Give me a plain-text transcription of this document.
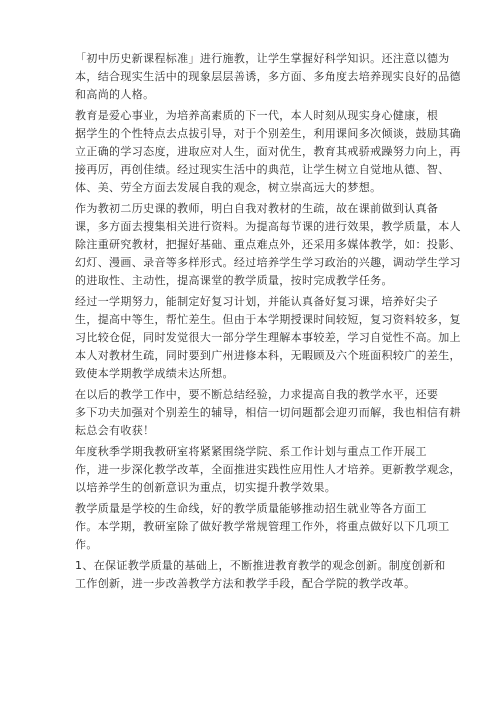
「初中历史新课程标准」进行施教，让学生掌握好科学知识。还注意以德为
本，结合现实生活中的现象层层善诱，多方面、多角度去培养现实良好的品德
和高尚的人格。
教育是爱心事业，为培养高素质的下一代，本人时刻从现实身心健康，根
据学生的个性特点去点拔引导，对于个别差生，利用课间多次倾谈，鼓励其确
立正确的学习态度，进取应对人生，面对优生，教育其戒骄戒躁努力向上，再
接再厉，再创佳绩。经过现实生活中的典范，让学生树立自觉地从德、智、
体、美、劳全方面去发展自我的观念，树立崇高远大的梦想。
作为教初二历史课的教师，明白自我对教材的生疏，故在课前做到认真备
课，多方面去搜集相关进行资料。为提高每节课的进行效果，教学质量，本人
除注重研究教材，把握好基础、重点难点外，还采用多媒体教学，如：投影、
幻灯、漫画、录音等多样形式。经过培养学生学习政治的兴趣，调动学生学习
的进取性、主动性，提高课堂的教学质量，按时完成教学任务。
经过一学期努力，能制定好复习计划，并能认真备好复习课，培养好尖子
生，提高中等生，帮忙差生。但由于本学期授课时间较短，复习资料较多，复
习比较仓促，同时发觉很大一部分学生理解本事较差，学习自觉性不高。加上
本人对教材生疏，同时要到广州进修本科，无暇顾及六个班面积较广的差生，
致使本学期教学成绩未达所想。
在以后的教学工作中，要不断总结经验，力求提高自我的教学水平，还要
多下功夫加强对个别差生的辅导，相信一切问题都会迎刃而解，我也相信有耕
耘总会有收获！
年度秋季学期我教研室将紧紧围绕学院、系工作计划与重点工作开展工
作，进一步深化教学改革，全面推进实践性应用性人才培养。更新教学观念，
以培养学生的创新意识为重点，切实提升教学效果。
教学质量是学校的生命线，好的教学质量能够推动招生就业等各方面工
作。本学期，教研室除了做好教学常规管理工作外，将重点做好以下几项工
作。
1、在保证教学质量的基础上，不断推进教育教学的观念创新。制度创新和
工作创新，进一步改善教学方法和教学手段，配合学院的教学改革。
